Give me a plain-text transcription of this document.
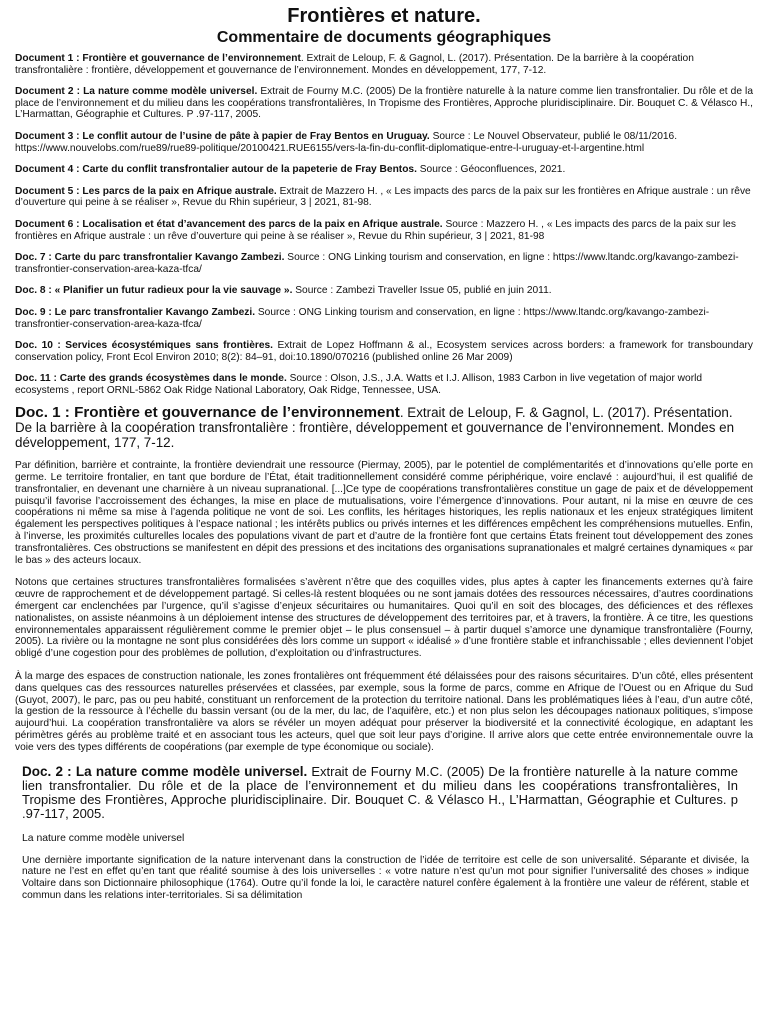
Frontières et nature.
Commentaire de documents géographiques

Document 1 : Frontière et gouvernance de l’environnement. Extrait de Leloup, F. & Gagnol, L. (2017). Présentation. De la barrière à la coopération transfrontalière : frontière, développement et gouvernance de l’environnement. Mondes en développement, 177, 7-12.

Document 2 : La nature comme modèle universel. Extrait de Fourny M.C. (2005) De la frontière naturelle à la nature comme lien transfrontalier. Du rôle et de la place de l’environnement et du milieu dans les coopérations transfrontalières, In Tropisme des Frontières, Approche pluridisciplinaire. Dir. Bouquet C. & Vélasco H., L’Harmattan, Géographie et Cultures. P .97-117, 2005.

Document 3 : Le conflit autour de l’usine de pâte à papier de Fray Bentos en Uruguay. Source : Le Nouvel Observateur, publié le 08/11/2016. https://www.nouvelobs.com/rue89/rue89-politique/20100421.RUE6155/vers-la-fin-du-conflit-diplomatique-entre-l-uruguay-et-l-argentine.html

Document 4 : Carte du conflit transfrontalier autour de la papeterie de Fray Bentos. Source : Géoconfluences, 2021.

Document 5 : Les parcs de la paix en Afrique australe. Extrait de Mazzero H. , « Les impacts des parcs de la paix sur les frontières en Afrique australe : un rêve d’ouverture qui peine à se réaliser », Revue du Rhin supérieur, 3 | 2021, 81-98.

Document 6 : Localisation et état d’avancement des parcs de la paix en Afrique australe. Source : Mazzero H. , « Les impacts des parcs de la paix sur les frontières en Afrique australe : un rêve d’ouverture qui peine à se réaliser », Revue du Rhin supérieur, 3 | 2021, 81-98

Doc. 7 : Carte du parc transfrontalier Kavango Zambezi. Source : ONG Linking tourism and conservation, en ligne : https://www.ltandc.org/kavango-zambezi-transfrontier-conservation-area-kaza-tfca/

Doc. 8 : « Planifier un futur radieux pour la vie sauvage ». Source : Zambezi Traveller Issue 05, publié en juin 2011.

Doc. 9 : Le parc transfrontalier Kavango Zambezi. Source : ONG Linking tourism and conservation, en ligne : https://www.ltandc.org/kavango-zambezi-transfrontier-conservation-area-kaza-tfca/

Doc. 10 : Services écosystémiques sans frontières. Extrait de Lopez Hoffmann & al., Ecosystem services across borders: a framework for transboundary conservation policy, Front Ecol Environ 2010; 8(2): 84–91, doi:10.1890/070216 (published online 26 Mar 2009)

Doc. 11 : Carte des grands écosystèmes dans le monde. Source : Olson, J.S., J.A. Watts et I.J. Allison, 1983 Carbon in live vegetation of major world ecosystems , report ORNL-5862 Oak Ridge National Laboratory, Oak Ridge, Tennessee, USA.

Doc. 1 : Frontière et gouvernance de l’environnement. Extrait de Leloup, F. & Gagnol, L. (2017). Présentation. De la barrière à la coopération transfrontalière : frontière, développement et gouvernance de l’environnement. Mondes en développement, 177, 7-12.

Par définition, barrière et contrainte, la frontière deviendrait une ressource (Piermay, 2005), par le potentiel de complémentarités et d’innovations qu’elle porte en germe. Le territoire frontalier, en tant que bordure de l’État, était traditionnellement considéré comme périphérique, voire enclavé : aujourd’hui, il est qualifié de transfrontalier, en devenant une charnière à un niveau supranational. [...]Ce type de coopérations transfrontalières constitue un gage de paix et de développement puisqu’il favorise l’accroissement des échanges, la mise en place de mutualisations, voire l’émergence d’innovations. Pour autant, ni la mise en œuvre de ces coopérations ni même sa mise à l’agenda politique ne vont de soi. Les conflits, les héritages historiques, les replis nationaux et les enjeux stratégiques limitent également les perspectives politiques à l’espace national ; les intérêts publics ou privés internes et les différences empêchent les compréhensions mutuelles. Enfin, à l’inverse, les proximités culturelles locales des populations vivant de part et d’autre de la frontière font que certains États freinent tout développement des zones transfrontalières. Ces obstructions se manifestent en dépit des pressions et des incitations des organisations supranationales et malgré certaines dynamiques « par le bas » des acteurs locaux.

Notons que certaines structures transfrontalières formalisées s’avèrent n’être que des coquilles vides, plus aptes à capter les financements externes qu’à faire œuvre de rapprochement et de développement partagé. Si celles-là restent bloquées ou ne sont jamais dotées des ressources nécessaires, d’autres coordinations émergent car enclenchées par l’urgence, qu’il s’agisse d’enjeux sécuritaires ou humanitaires. Quoi qu’il en soit des blocages, des déficiences et des réflexes nationalistes, on assiste néanmoins à un déploiement intense des structures de développement des territoires par, et à travers, la frontière. À ce titre, les questions environnementales apparaissent régulièrement comme le premier objet – le plus consensuel – à partir duquel s’amorce une dynamique transfrontalière (Fourny, 2005). La rivière ou la montagne ne sont plus considérées dès lors comme un support « idéalisé » d’une frontière stable et infranchissable ; elles deviennent l’objet obligé d’une cogestion pour des problèmes de pollution, d’exploitation ou d’infrastructures.

À la marge des espaces de construction nationale, les zones frontalières ont fréquemment été délaissées pour des raisons sécuritaires. D’un côté, elles présentent dans quelques cas des ressources naturelles préservées et classées, par exemple, sous la forme de parcs, comme en Afrique de l’Ouest ou en Afrique du Sud (Guyot, 2007), le parc, pas ou peu habité, constituant un renforcement de la protection du territoire national. Dans les problématiques liées à l’eau, d’un autre côté, la gestion de la ressource à l’échelle du bassin versant (ou de la mer, du lac, de l’aquifère, etc.) et non plus selon les découpages nationaux politiques, s’impose aujourd’hui. La coopération transfrontalière va alors se révéler un moyen adéquat pour préserver la biodiversité et la connectivité écologique, en adaptant les périmètres gérés au problème traité et en associant tous les acteurs, quel que soit leur pays d’origine. Il arrive alors que cette entrée environnementale ouvre la voie vers des types différents de coopérations (par exemple de type économique ou sociale).

Doc. 2 : La nature comme modèle universel. Extrait de Fourny M.C. (2005) De la frontière naturelle à la nature comme lien transfrontalier. Du rôle et de la place de l’environnement et du milieu dans les coopérations transfrontalières, In Tropisme des Frontières, Approche pluridisciplinaire. Dir. Bouquet C. & Vélasco H., L’Harmattan, Géographie et Cultures. p .97-117, 2005.

La nature comme modèle universel

Une dernière importante signification de la nature intervenant dans la construction de l’idée de territoire est celle de son universalité. Séparante et divisée, la nature ne l’est en effet qu’en tant que réalité soumise à des lois universelles : « votre nature n’est qu’un mot pour signifier l’universalité des choses » indique Voltaire dans son Dictionnaire philosophique (1764). Outre qu’il fonde la loi, le caractère naturel confère également à la frontière une valeur de référent, stable et commun dans les relations inter-territoriales. Si sa délimitation
